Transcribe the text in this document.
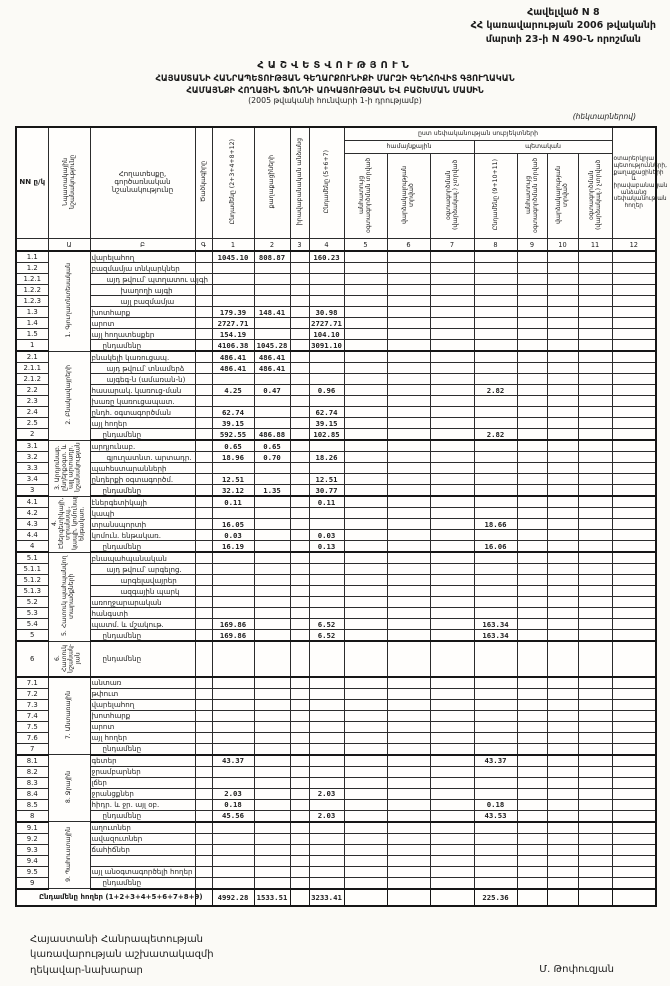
Հավելված N 8
ՀՀ կառավարության 2006 թվականի
մարտի 23-ի N 490-Ն որոշման
ՀԱՇՎԵՏՎՈՒԹՅՈՒՆ
ՀԱՅԱՍՏԱՆԻ ՀԱՆՐԱՊԵՏՈՒԹՅԱՆ ԳԵՂԱՐՔՈՒՆԻՔԻ ՄԱՐԶԻ ԳԵՂՀՈՎԻՏ ԳՅՈՒՂԱԿԱՆ
ՀԱՄԱՅՆՔԻ ՀՈՂԱՅԻՆ ՖՈՆԴԻ ԱՌԿԱՅՈՒԹՅԱՆ ԵՎ ԲԱՇԽՄԱՆ ՄԱՍԻՆ
(2005 թվականի հունվարի 1-ի դրությամբ)
(հեկտարներով)
NN ը/կ	Նպատակային նշանակությունը	Հողատեսքը, գործառնական նշանակությունը	Ծածկագիրը	Ընդամենը (2+3+4+8+12)	քաղաքացիների	իրավաբանական անձանց	Ընդամենը (5+6+7)	ըստ սեփականության սուբյեկտների							օտարերկրյա պետությունների, քաղաքացիների և իրավաբանական անձանց սեփականության հողեր
								համայնքային			պետական				
								անհատույց օգտագործման տրված	վարձակալության տրված	օգտագործման (վարձակալ.) չտրված	Ընդամենը (9+10+11)	անհատույց օգտագործման տրված	վարձակալության տրված	օգտագործման (վարձակալ.) չտրված	
	Ա	Բ	Գ	1	2	3	4	5	6	7	8	9	10	11	12
1.1	1. Գյուղատնտեսական	վարելահող		1045.10	808.87		160.23								
1.2		բազմամյա տնկարկներ													
1.2.1		այդ թվում՝ պտղատու այգի													
1.2.2		խաղողի այգի													
1.2.3		այլ բազմամյա													
1.3		խոտհարք		179.39	148.41		30.98								
1.4		արոտ		2727.71			2727.71								
1.5		այլ հողատեսքեր		154.19			104.10								
1		ընդամենը		4106.38	1045.28		3091.10								
2.1	2. Բնակավայրերի	բնակելի կառուցապ.		486.41	486.41										
2.1.1		այդ թվում՝ տնամերձ		486.41	486.41										
2.1.2		այգեգ-ն (ամառան-ն)													
2.2		հասարակ. կառուց-ման		4.25	0.47		0.96				2.82				
2.3		խառը կառուցապատ.													
2.4		ընդհ. օգտագործման		62.74			62.74								
2.5		այլ հողեր		39.15			39.15								
2		ընդամենը		592.55	486.88		102.85				2.82				
3.1	3. Արդյունաբ. ընդերքօգտ. և այլ արտադր. նշանակության	արդյունաբ.		0.65	0.65										
3.2		գյուղատնտ. արտադր.		18.96	0.70		18.26								
3.3		պահեստարանների													
3.4		ընդերքի օգտագործմ.		12.51			12.51								
3		ընդամենը		32.12	1.35		30.77								
4.1	4. Էներգետիկայի, տրանսպ., կապի, կոմունալ ենթակառ.	էներգետիկայի		0.11			0.11								
4.2		կապի													
4.3		տրանսպորտի		16.05							18.66				
4.4		կոմուն. ենթակառ.		0.03			0.03								
4		ընդամենը		16.19			0.13				16.06				
5.1	5. Հատուկ պահպանվող տարածքների	բնապահպանական													
5.1.1		այդ թվում՝ արգելոց.													
5.1.2		արգելավայրեր													
5.1.3		ազգային պարկ													
5.2		առողջարարական													
5.3		հանգստի													
5.4		պատմ. և մշակութ.		169.86			6.52				163.34				
5		ընդամենը		169.86			6.52				163.34				
6	6. Հատուկ նշանակ-յան	ընդամենը													
7.1	7. Անտառային	անտառ													
7.2		թփուտ													
7.3		վարելահող													
7.4		խոտհարք													
7.5		արոտ													
7.6		այլ հողեր													
7		ընդամենը													
8.1	8. Ջրային	գետեր		43.37							43.37				
8.2		ջրամբարներ													
8.3		լճեր													
8.4		ջրանցքներ		2.03			2.03								
8.5		հիդր. և ջր. այլ օբ.		0.18							0.18				
8		ընդամենը		45.56			2.03				43.53				
9.1	9. Պահուստային	աղուտներ													
9.2		ավազուտներ													
9.3		ճահիճներ													
9.4															
9.5		այլ անօգտագործելի հողեր													
9		ընդամենը													
Ընդամենը հողեր (1+2+3+4+5+6+7+8+9)				4992.28	1533.51		3233.41				225.36				
Հայաստանի Հանրապետության
կառավարության աշխատակազմի
ղեկավար-նախարար	Մ. Թոփուզյան
